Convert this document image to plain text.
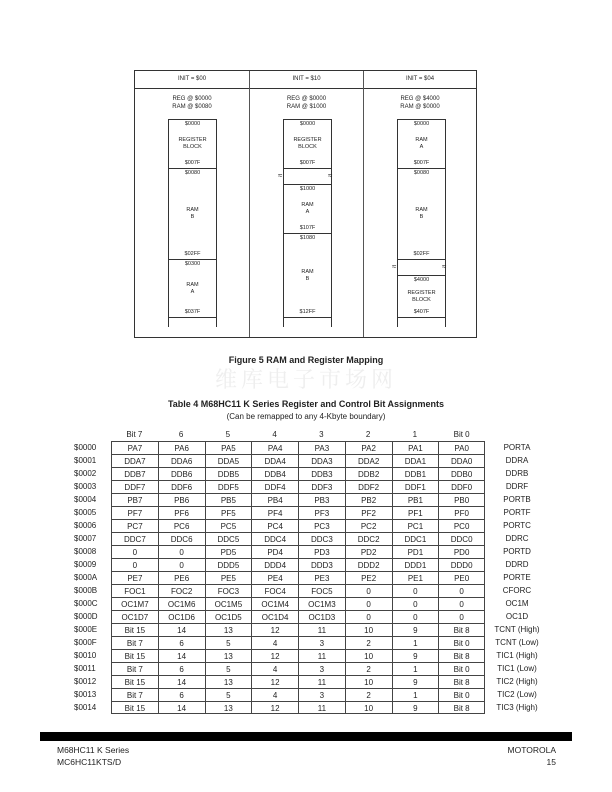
INIT = $00
REG @ $0000
RAM @ $0080
$0000
REGISTER
BLOCK
$007F
$0080
RAM
B
$02FF
$0300
RAM
A
$037F
INIT = $10
REG @ $0000
RAM @ $1000
$0000
REGISTER
BLOCK
$007F
$1000
RAM
A
$107F
$1080
RAM
B
$12FF
≈	≈
INIT = $04
REG @ $4000
RAM @ $0000
$0000
RAM
A
$007F
$0080
RAM
B
$02FF
$4000
REGISTER
BLOCK
$407F
≈	≈
Figure 5 RAM and Register Mapping
维库电子市场网
Table 4 M68HC11 K Series Register and Control Bit Assignments
(Can be remapped to any 4-Kbyte boundary)
Bit 7	6	5	4	3	2	1	Bit 0
$0000	PA7	PA6	PA5	PA4	PA3	PA2	PA1	PA0	PORTA
$0001	DDA7	DDA6	DDA5	DDA4	DDA3	DDA2	DDA1	DDA0	DDRA
$0002	DDB7	DDB6	DDB5	DDB4	DDB3	DDB2	DDB1	DDB0	DDRB
$0003	DDF7	DDF6	DDF5	DDF4	DDF3	DDF2	DDF1	DDF0	DDRF
$0004	PB7	PB6	PB5	PB4	PB3	PB2	PB1	PB0	PORTB
$0005	PF7	PF6	PF5	PF4	PF3	PF2	PF1	PF0	PORTF
$0006	PC7	PC6	PC5	PC4	PC3	PC2	PC1	PC0	PORTC
$0007	DDC7	DDC6	DDC5	DDC4	DDC3	DDC2	DDC1	DDC0	DDRC
$0008	0	0	PD5	PD4	PD3	PD2	PD1	PD0	PORTD
$0009	0	0	DDD5	DDD4	DDD3	DDD2	DDD1	DDD0	DDRD
$000A	PE7	PE6	PE5	PE4	PE3	PE2	PE1	PE0	PORTE
$000B	FOC1	FOC2	FOC3	FOC4	FOC5	0	0	0	CFORC
$000C	OC1M7	OC1M6	OC1M5	OC1M4	OC1M3	0	0	0	OC1M
$000D	OC1D7	OC1D6	OC1D5	OC1D4	OC1D3	0	0	0	OC1D
$000E	Bit 15	14	13	12	11	10	9	Bit 8	TCNT (High)
$000F	Bit 7	6	5	4	3	2	1	Bit 0	TCNT (Low)
$0010	Bit 15	14	13	12	11	10	9	Bit 8	TIC1 (High)
$0011	Bit 7	6	5	4	3	2	1	Bit 0	TIC1 (Low)
$0012	Bit 15	14	13	12	11	10	9	Bit 8	TIC2 (High)
$0013	Bit 7	6	5	4	3	2	1	Bit 0	TIC2 (Low)
$0014	Bit 15	14	13	12	11	10	9	Bit 8	TIC3 (High)
M68HC11 K Series
MC6HC11KTS/D
MOTOROLA
15
